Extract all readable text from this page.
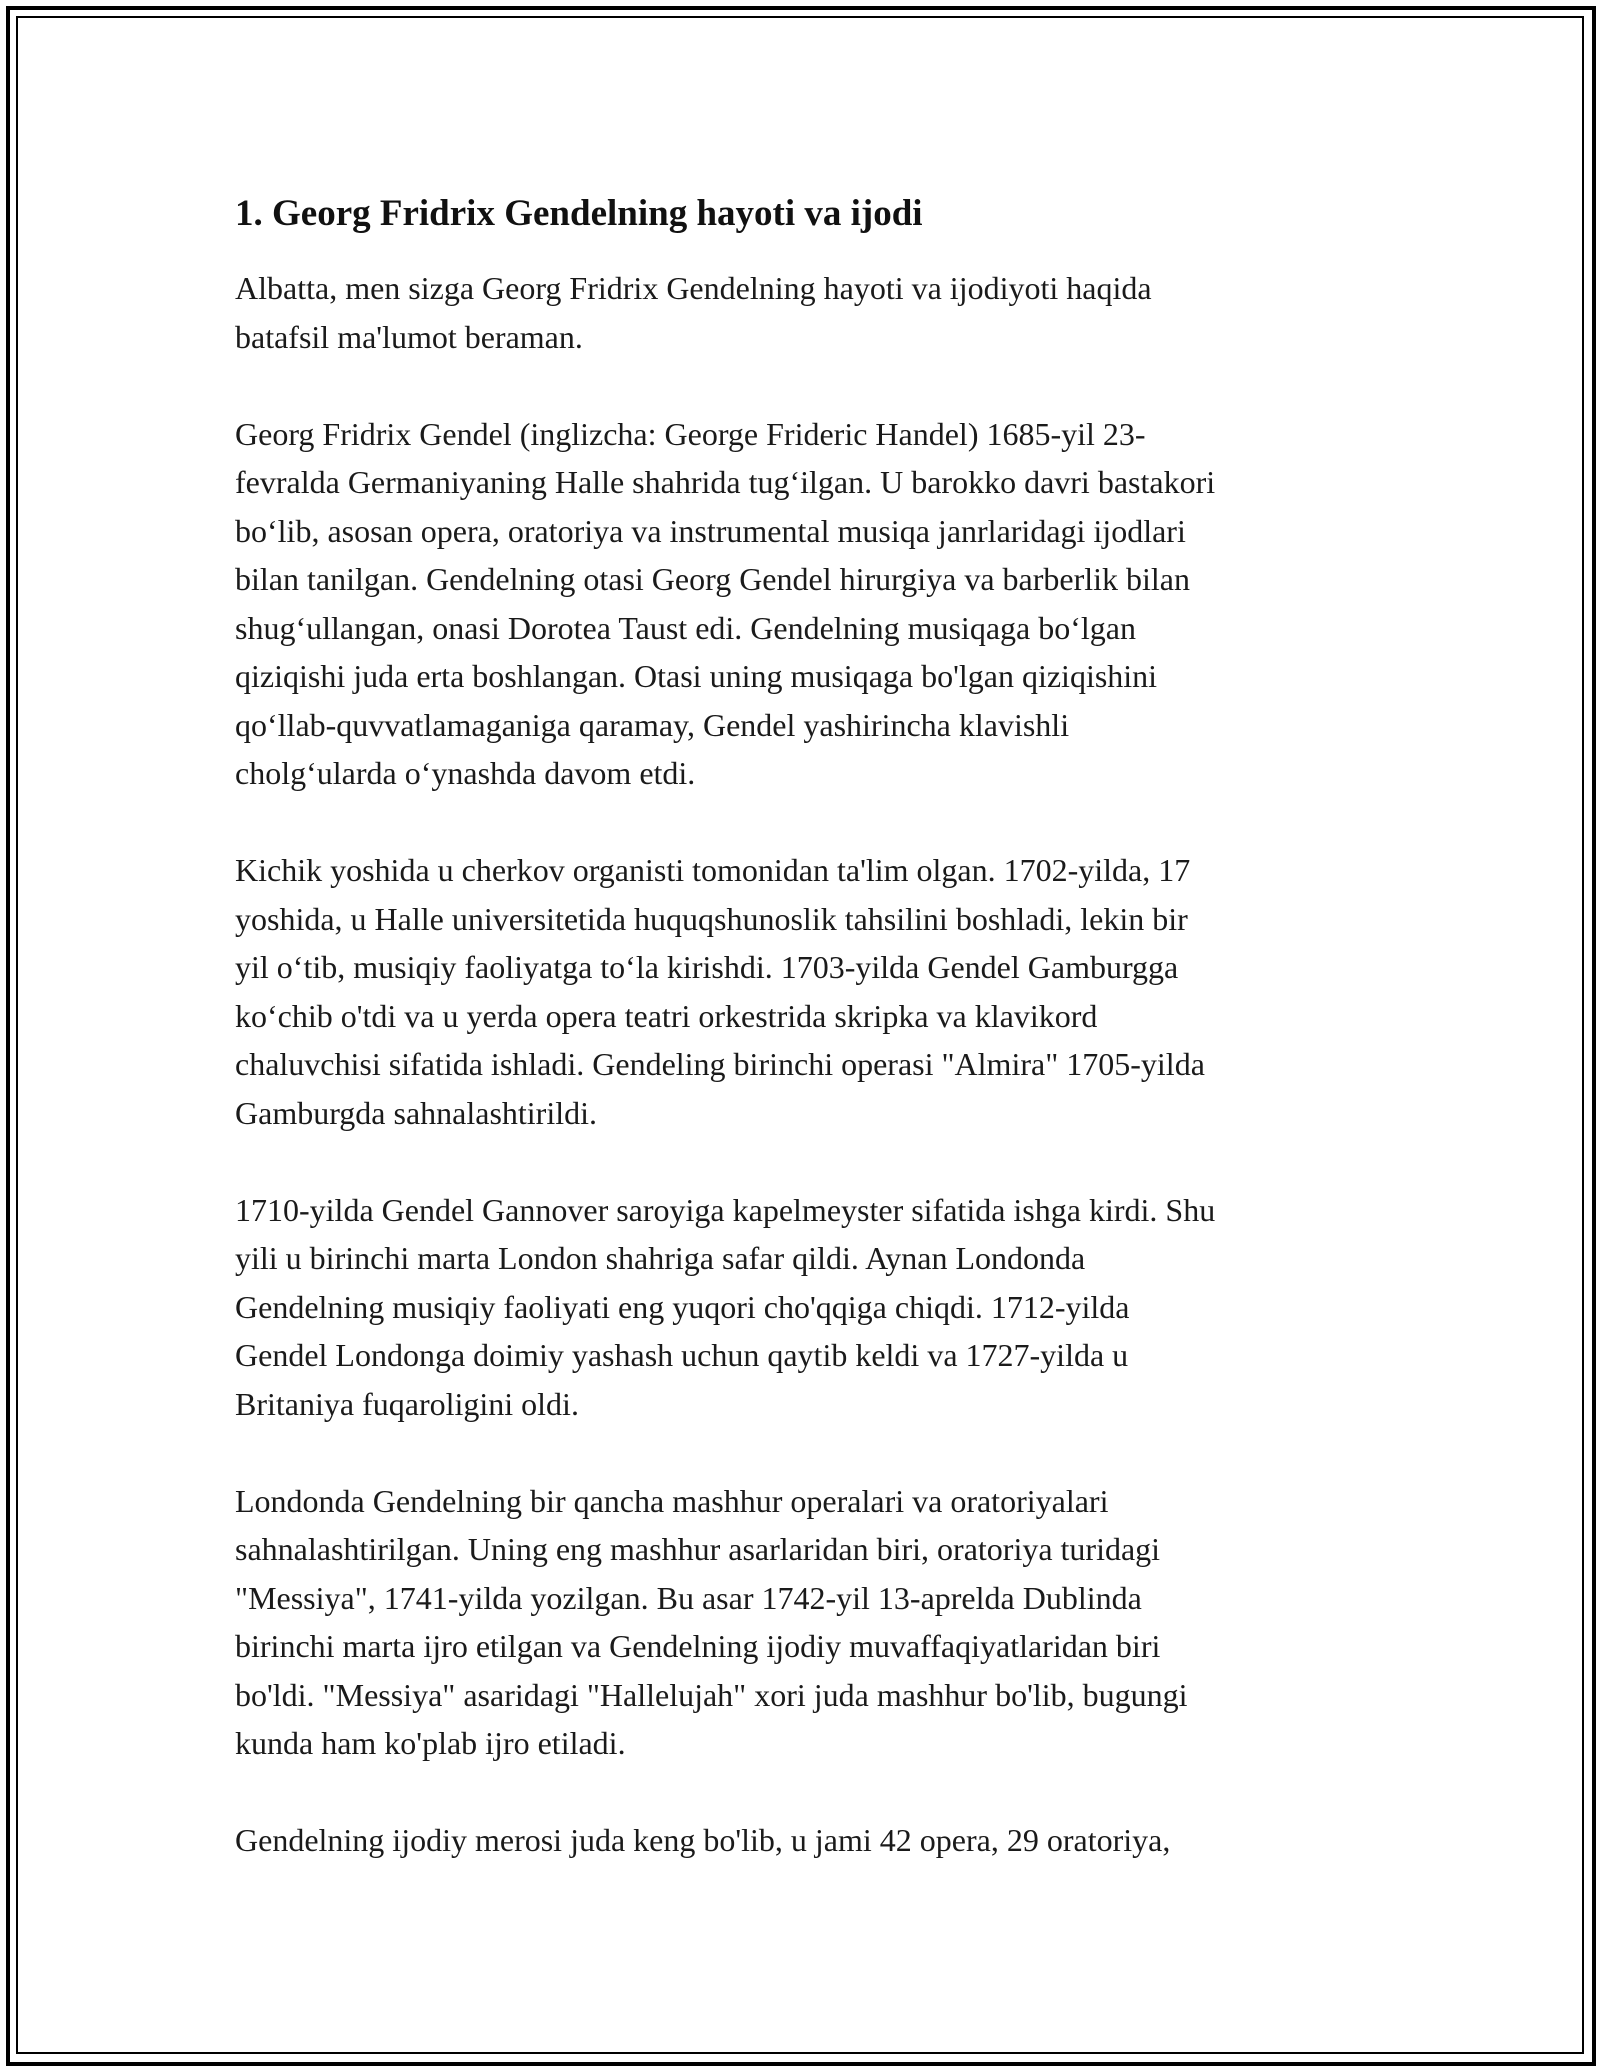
1. Georg Fridrix Gendelning hayoti va ijodi
Albatta, men sizga Georg Fridrix Gendelning hayoti va ijodiyoti haqida
batafsil ma'lumot beraman.
Georg Fridrix Gendel (inglizcha: George Frideric Handel) 1685-yil 23-
fevralda Germaniyaning Halle shahrida tug‘ilgan. U barokko davri bastakori
bo‘lib, asosan opera, oratoriya va instrumental musiqa janrlaridagi ijodlari
bilan tanilgan. Gendelning otasi Georg Gendel hirurgiya va barberlik bilan
shug‘ullangan, onasi Dorotea Taust edi. Gendelning musiqaga bo‘lgan
qiziqishi juda erta boshlangan. Otasi uning musiqaga bo'lgan qiziqishini
qo‘llab-quvvatlamaganiga qaramay, Gendel yashirincha klavishli
cholg‘ularda o‘ynashda davom etdi.
Kichik yoshida u cherkov organisti tomonidan ta'lim olgan. 1702-yilda, 17
yoshida, u Halle universitetida huquqshunoslik tahsilini boshladi, lekin bir
yil o‘tib, musiqiy faoliyatga to‘la kirishdi. 1703-yilda Gendel Gamburgga
ko‘chib o'tdi va u yerda opera teatri orkestrida skripka va klavikord
chaluvchisi sifatida ishladi. Gendeling birinchi operasi "Almira" 1705-yilda
Gamburgda sahnalashtirildi.
1710-yilda Gendel Gannover saroyiga kapelmeyster sifatida ishga kirdi. Shu
yili u birinchi marta London shahriga safar qildi. Aynan Londonda
Gendelning musiqiy faoliyati eng yuqori cho'qqiga chiqdi. 1712-yilda
Gendel Londonga doimiy yashash uchun qaytib keldi va 1727-yilda u
Britaniya fuqaroligini oldi.
Londonda Gendelning bir qancha mashhur operalari va oratoriyalari
sahnalashtirilgan. Uning eng mashhur asarlaridan biri, oratoriya turidagi
"Messiya", 1741-yilda yozilgan. Bu asar 1742-yil 13-aprelda Dublinda
birinchi marta ijro etilgan va Gendelning ijodiy muvaffaqiyatlaridan biri
bo'ldi. "Messiya" asaridagi "Hallelujah" xori juda mashhur bo'lib, bugungi
kunda ham ko'plab ijro etiladi.
Gendelning ijodiy merosi juda keng bo'lib, u jami 42 opera, 29 oratoriya,
